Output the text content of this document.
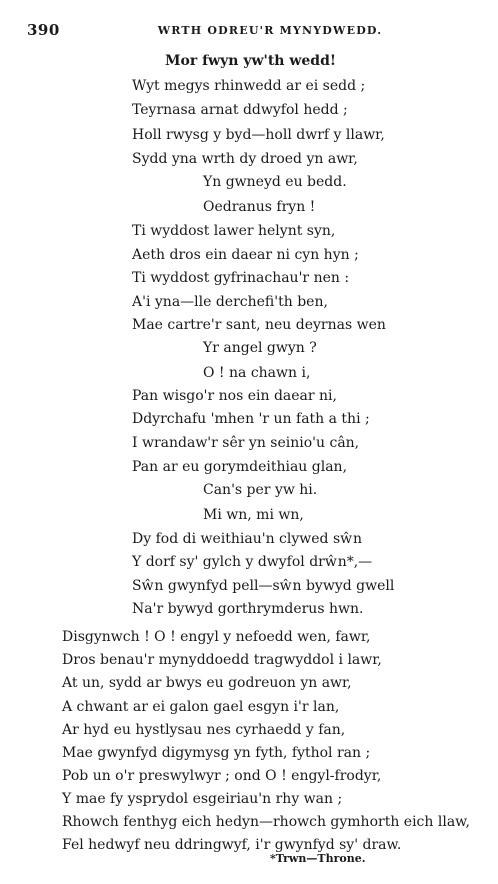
390	WRTH ODREU'R MYNYDWEDD.
Mor fwyn yw'th wedd!
Wyt megys rhinwedd ar ei sedd ;
Teyrnasa arnat ddwyfol hedd ;
Holl rwysg y byd—holl dwrf y llawr,
Sydd yna wrth dy droed yn awr,
Yn gwneyd eu bedd.
Oedranus fryn !
Ti wyddost lawer helynt syn,
Aeth dros ein daear ni cyn hyn ;
Ti wyddost gyfrinachau'r nen :
A'i yna—lle derchefi'th ben,
Mae cartre'r sant, neu deyrnas wen
Yr angel gwyn ?
O ! na chawn i,
Pan wisgo'r nos ein daear ni,
Ddyrchafu 'mhen 'r un fath a thi ;
I wrandaw'r sêr yn seinio'u cân,
Pan ar eu gorymdeithiau glan,
Can's per yw hi.
Mi wn, mi wn,
Dy fod di weithiau'n clywed sŵn
Y dorf sy' gylch y dwyfol drŵn*,—
Sŵn gwynfyd pell—sŵn bywyd gwell
Na'r bywyd gorthrymderus hwn.
Disgynwch ! O ! engyl y nefoedd wen, fawr,
Dros benau'r mynyddoedd tragwyddol i lawr,
At un, sydd ar bwys eu godreuon yn awr,
A chwant ar ei galon gael esgyn i'r lan,
Ar hyd eu hystlysau nes cyrhaedd y fan,
Mae gwynfyd digymysg yn fyth, fythol ran ;
Pob un o'r preswylwyr ; ond O ! engyl-frodyr,
Y mae fy ysprydol esgeiriau'n rhy wan ;
Rhowch fenthyg eich hedyn—rhowch gymhorth eich llaw,
Fel hedwyf neu ddringwyf, i'r gwynfyd sy' draw.
*Trwn—Throne.
